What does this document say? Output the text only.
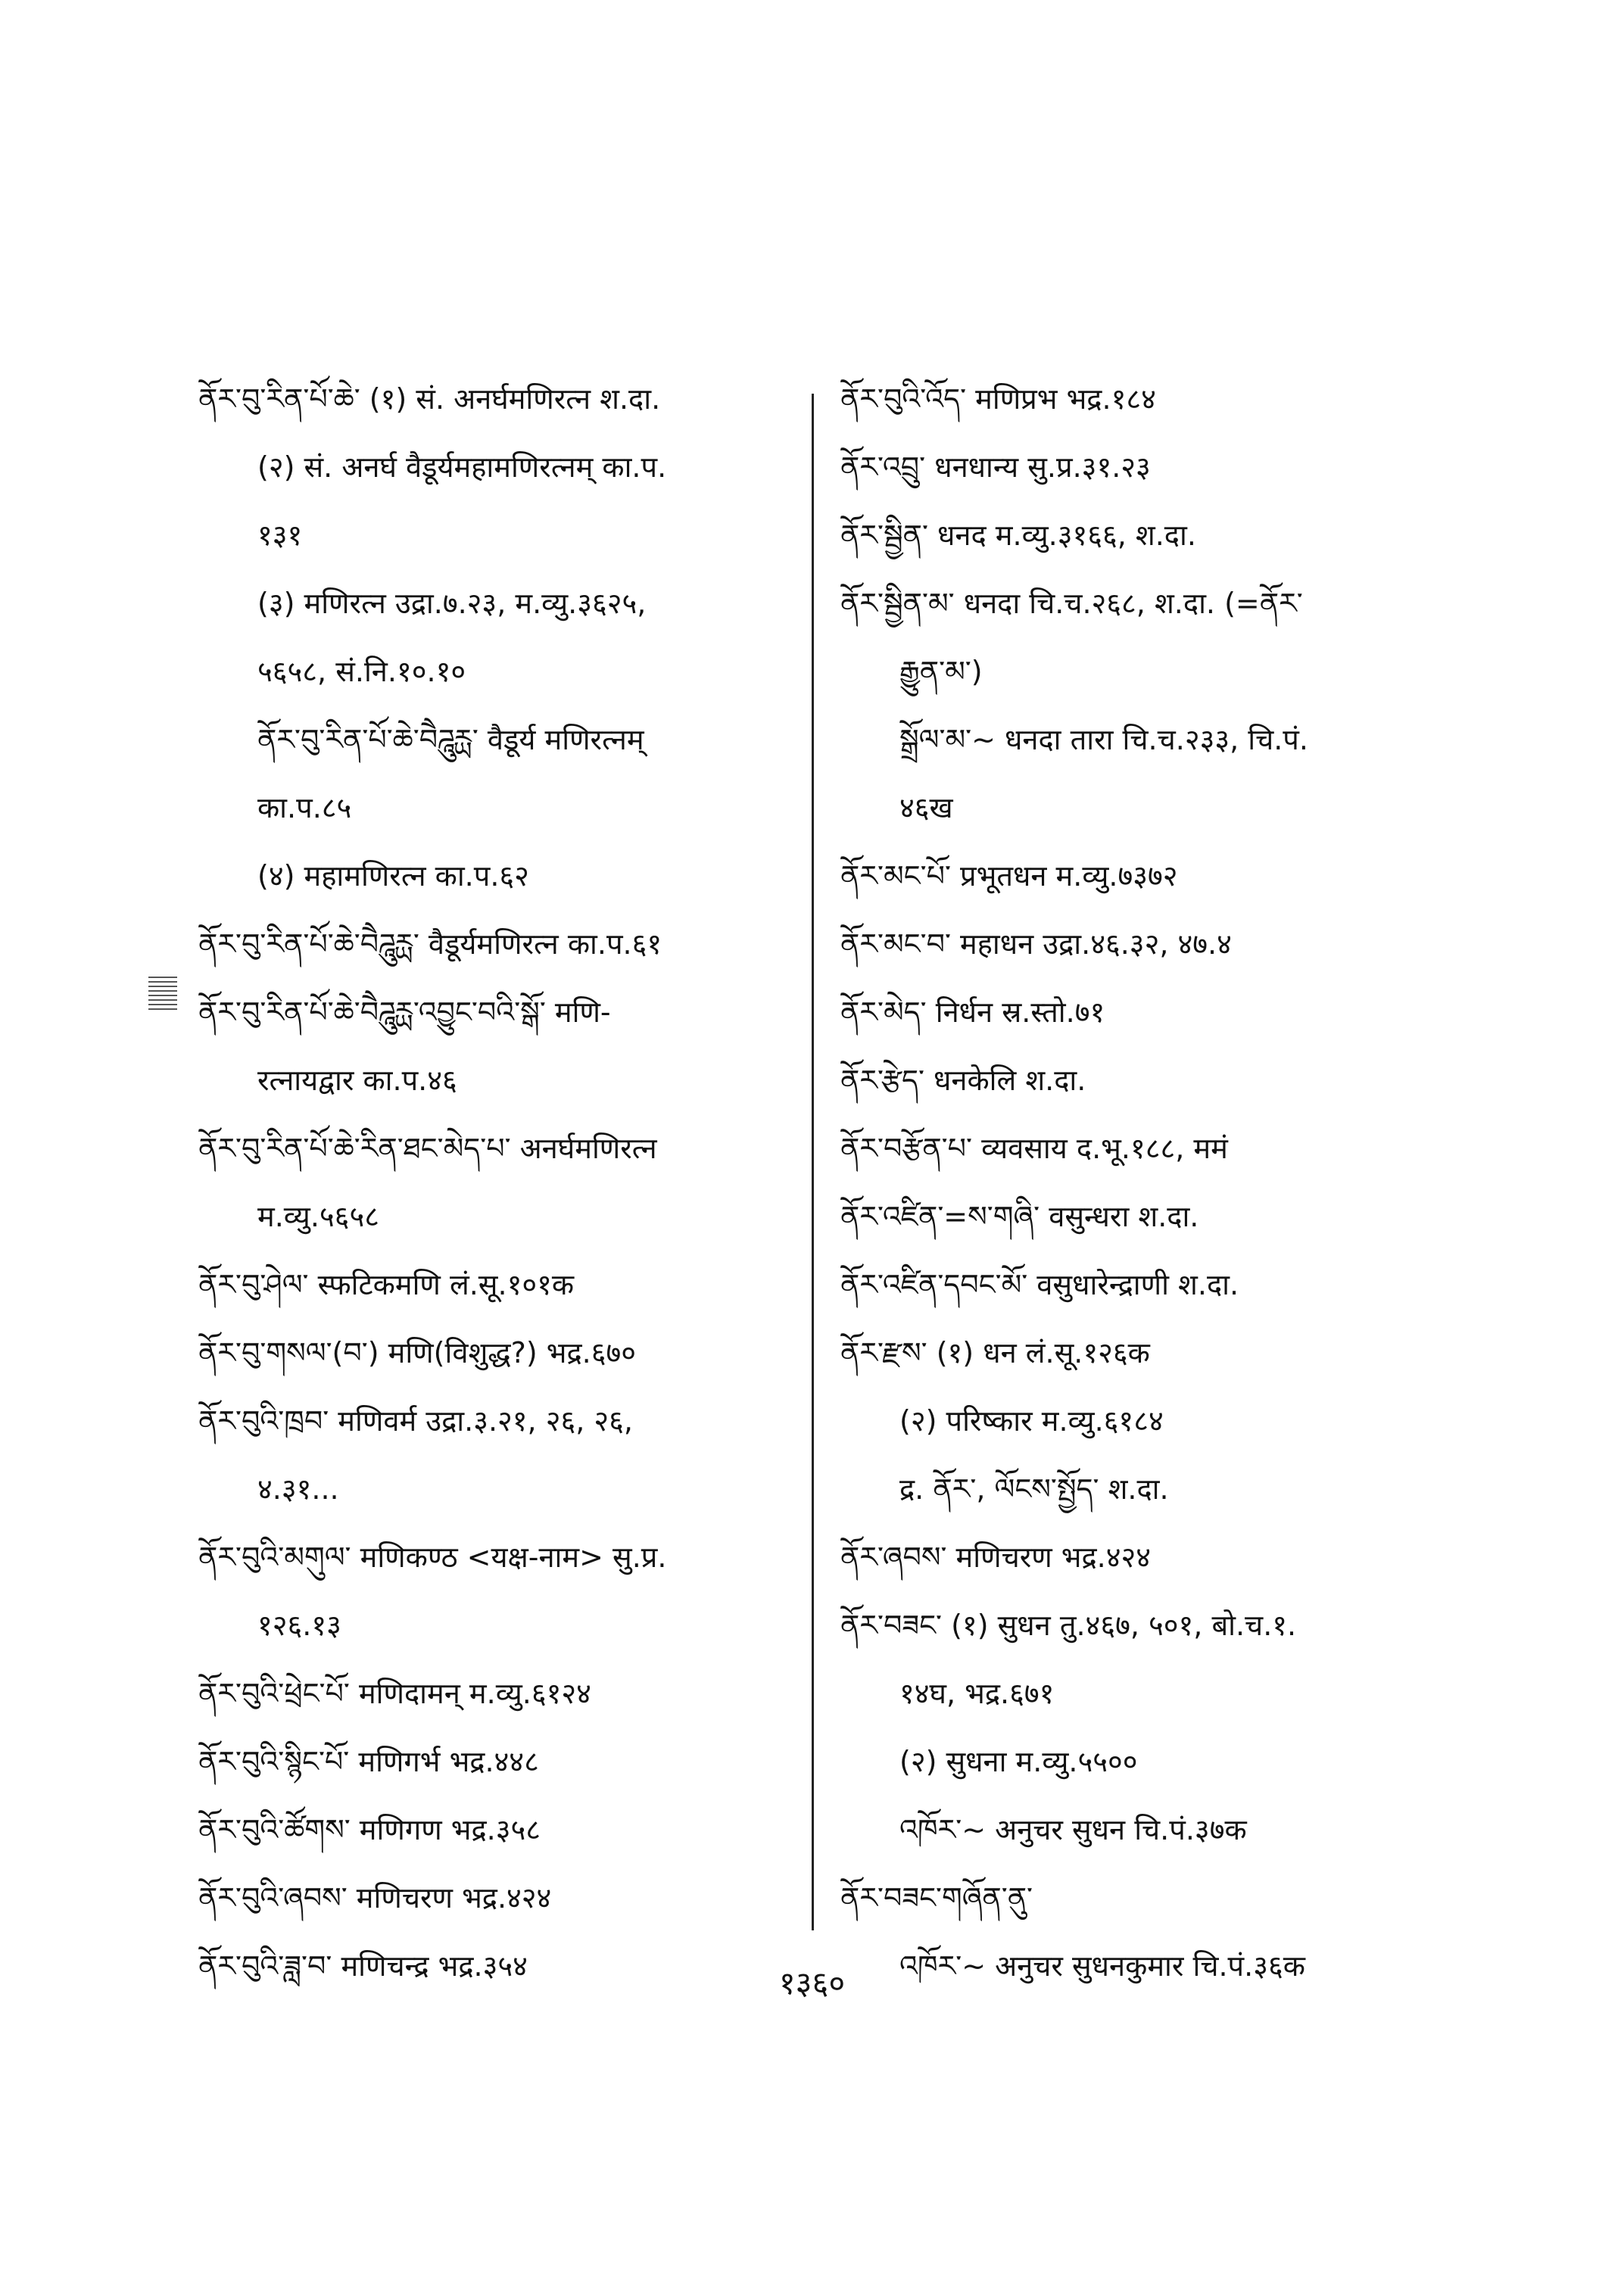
ནོར་བུ་རིན་པོ་ཆེ་ (१) सं. अनर्घमणिरत्न श.दा.
(२) सं. अनर्घ वैडूर्यमहामणिरत्नम् का.प.
१३१
(३) मणिरत्न उद्रा.७.२३, म.व्यु.३६२५,
५६५८, सं.नि.१०.१०
ནོར་བུ་རིན་པོ་ཆེ་བཻཌཱུརྻ་ वैडूर्य मणिरत्नम्
का.प.८५
(४) महामणिरत्न का.प.६२
ནོར་བུ་རིན་པོ་ཆེ་བཻཌཱུརྻ་ वैडूर्यमणिरत्न का.प.६१
ནོར་བུ་རིན་པོ་ཆེ་བཻཌཱུརྻ་འབྱུང་བའི་སྒོ་ मणि-
रत्नायद्वार का.प.४६
ནོར་བུ་རིན་པོ་ཆེ་རིན་ཐང་མེད་པ་ अनर्घमणिरत्न
म.व्यु.५६५८
ནོར་བུ་ཤེལ་ स्फटिकमणि लं.सू.१०१क
ནོར་བུ་གསལ་(བ་) मणि(विशुद्ध?) भद्र.६७०
ནོར་བུའི་ཁྲབ་ मणिवर्म उद्रा.३.२१, २६, २६,
४.३१...
ནོར་བུའི་མགུལ་ मणिकण्ठ <यक्ष-नाम> सु.प्र.
१२६.१३
ནོར་བུའི་ཕྲེང་པོ་ मणिदामन् म.व्यु.६१२४
ནོར་བུའི་སྙིང་པོ་ मणिगर्भ भद्र.४४८
ནོར་བུའི་ཚོགས་ मणिगण भद्र.३५८
ནོར་བུའི་ཞབས་ मणिचरण भद्र.४२४
ནོར་བུའི་ཟླ་བ་ मणिचन्द्र भद्र.३५४
ནོར་བུའི་འོད་ मणिप्रभ भद्र.१८४
ནོར་འབྲུ་ धनधान्य सु.प्र.३१.२३
ནོར་སྦྱིན་ धनद म.व्यु.३१६६, श.दा.
ནོར་སྦྱིན་མ་ धनदा चि.च.२६८, श.दा. (=ནོར་
རྒྱུན་མ་)
སྒྲོལ་མ་~ धनदा तारा चि.च.२३३, चि.पं.
४६ख
ནོར་མང་པོ་ प्रभूतधन म.व्यु.७३७२
ནོར་མང་བ་ महाधन उद्रा.४६.३२, ४७.४
ནོར་མེད་ निर्धन स्र.स्तो.७१
ནོར་རྩེད་ धनकेलि श.दा.
ནོར་བརྩོན་པ་ व्यवसाय द.भू.१८८, ममं
ནོར་འཛིན་=ས་གཞི་ वसुन्धरा श.दा.
ནོར་འཛིན་དབང་མོ་ वसुधारेन्द्राणी श.दा.
ནོར་རྫས་ (१) धन लं.सू.१२६क
(२) परिष्कार म.व्यु.६१८४
द्र. ནོར་, ལོངས་སྤྱོད་ श.दा.
ནོར་ཞབས་ मणिचरण भद्र.४२४
ནོར་བཟང་ (१) सुधन तु.४६७, ५०१, बो.च.१.
१४घ, भद्र.६७१
(२) सुधना म.व्यु.५५००
འཁོར་~ अनुचर सुधन चि.पं.३७क
ནོར་བཟང་གཞོན་ནུ་
འཁོར་~ अनुचर सुधनकुमार चि.पं.३६क
१३६०
